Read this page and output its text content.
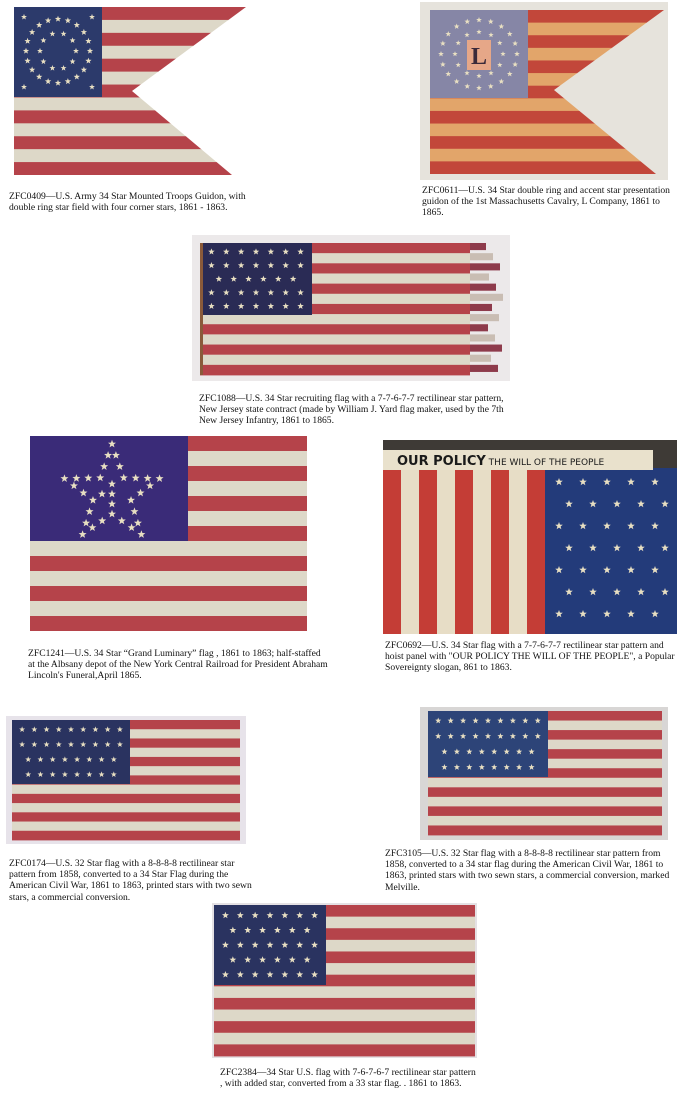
ZFC0409—U.S. Army 34 Star Mounted Troops Guidon, with double ring star field with four corner stars, 1861 - 1863.

L

ZFC0611—U.S. 34 Star double ring and accent star presentation guidon of the 1st Massachusetts Cavalry, L Company, 1861 to 1865.

ZFC1088—U.S. 34 Star recruiting flag with a 7-7-6-7-7 rectilinear star pattern, New Jersey state contract (made by William J. Yard flag maker, used by the 7th New Jersey Infantry, 1861 to 1865.

ZFC1241—U.S. 34 Star “Grand Luminary” flag , 1861 to 1863; half-staffed at the Albsany depot of the New York Central Railroad for President Abraham Lincoln's Funeral,April 1865.

OUR POLICY THE WILL OF THE PEOPLE

ZFC0692—U.S. 34 Star flag with a 7-7-6-7-7 rectilinear star pattern and hoist panel with "OUR POLICY THE WILL OF THE PEOPLE", a Popular Sovereignty slogan, 861 to 1863.

ZFC0174—U.S. 32 Star flag with a 8-8-8-8 rectilinear star pattern from 1858, converted to a 34 Star Flag during the American Civil War, 1861 to 1863, printed stars with two sewn stars, a commercial conversion.

ZFC3105—U.S. 32 Star flag with a 8-8-8-8 rectilinear star pattern from 1858, converted to a 34 star flag during the American Civil War, 1861 to 1863, printed stars with two sewn stars, a commercial conversion, marked Melville.

ZFC2384—34 Star U.S. flag with 7-6-7-6-7 rectilinear star pattern , with added star, converted from a 33 star flag. . 1861 to 1863.
